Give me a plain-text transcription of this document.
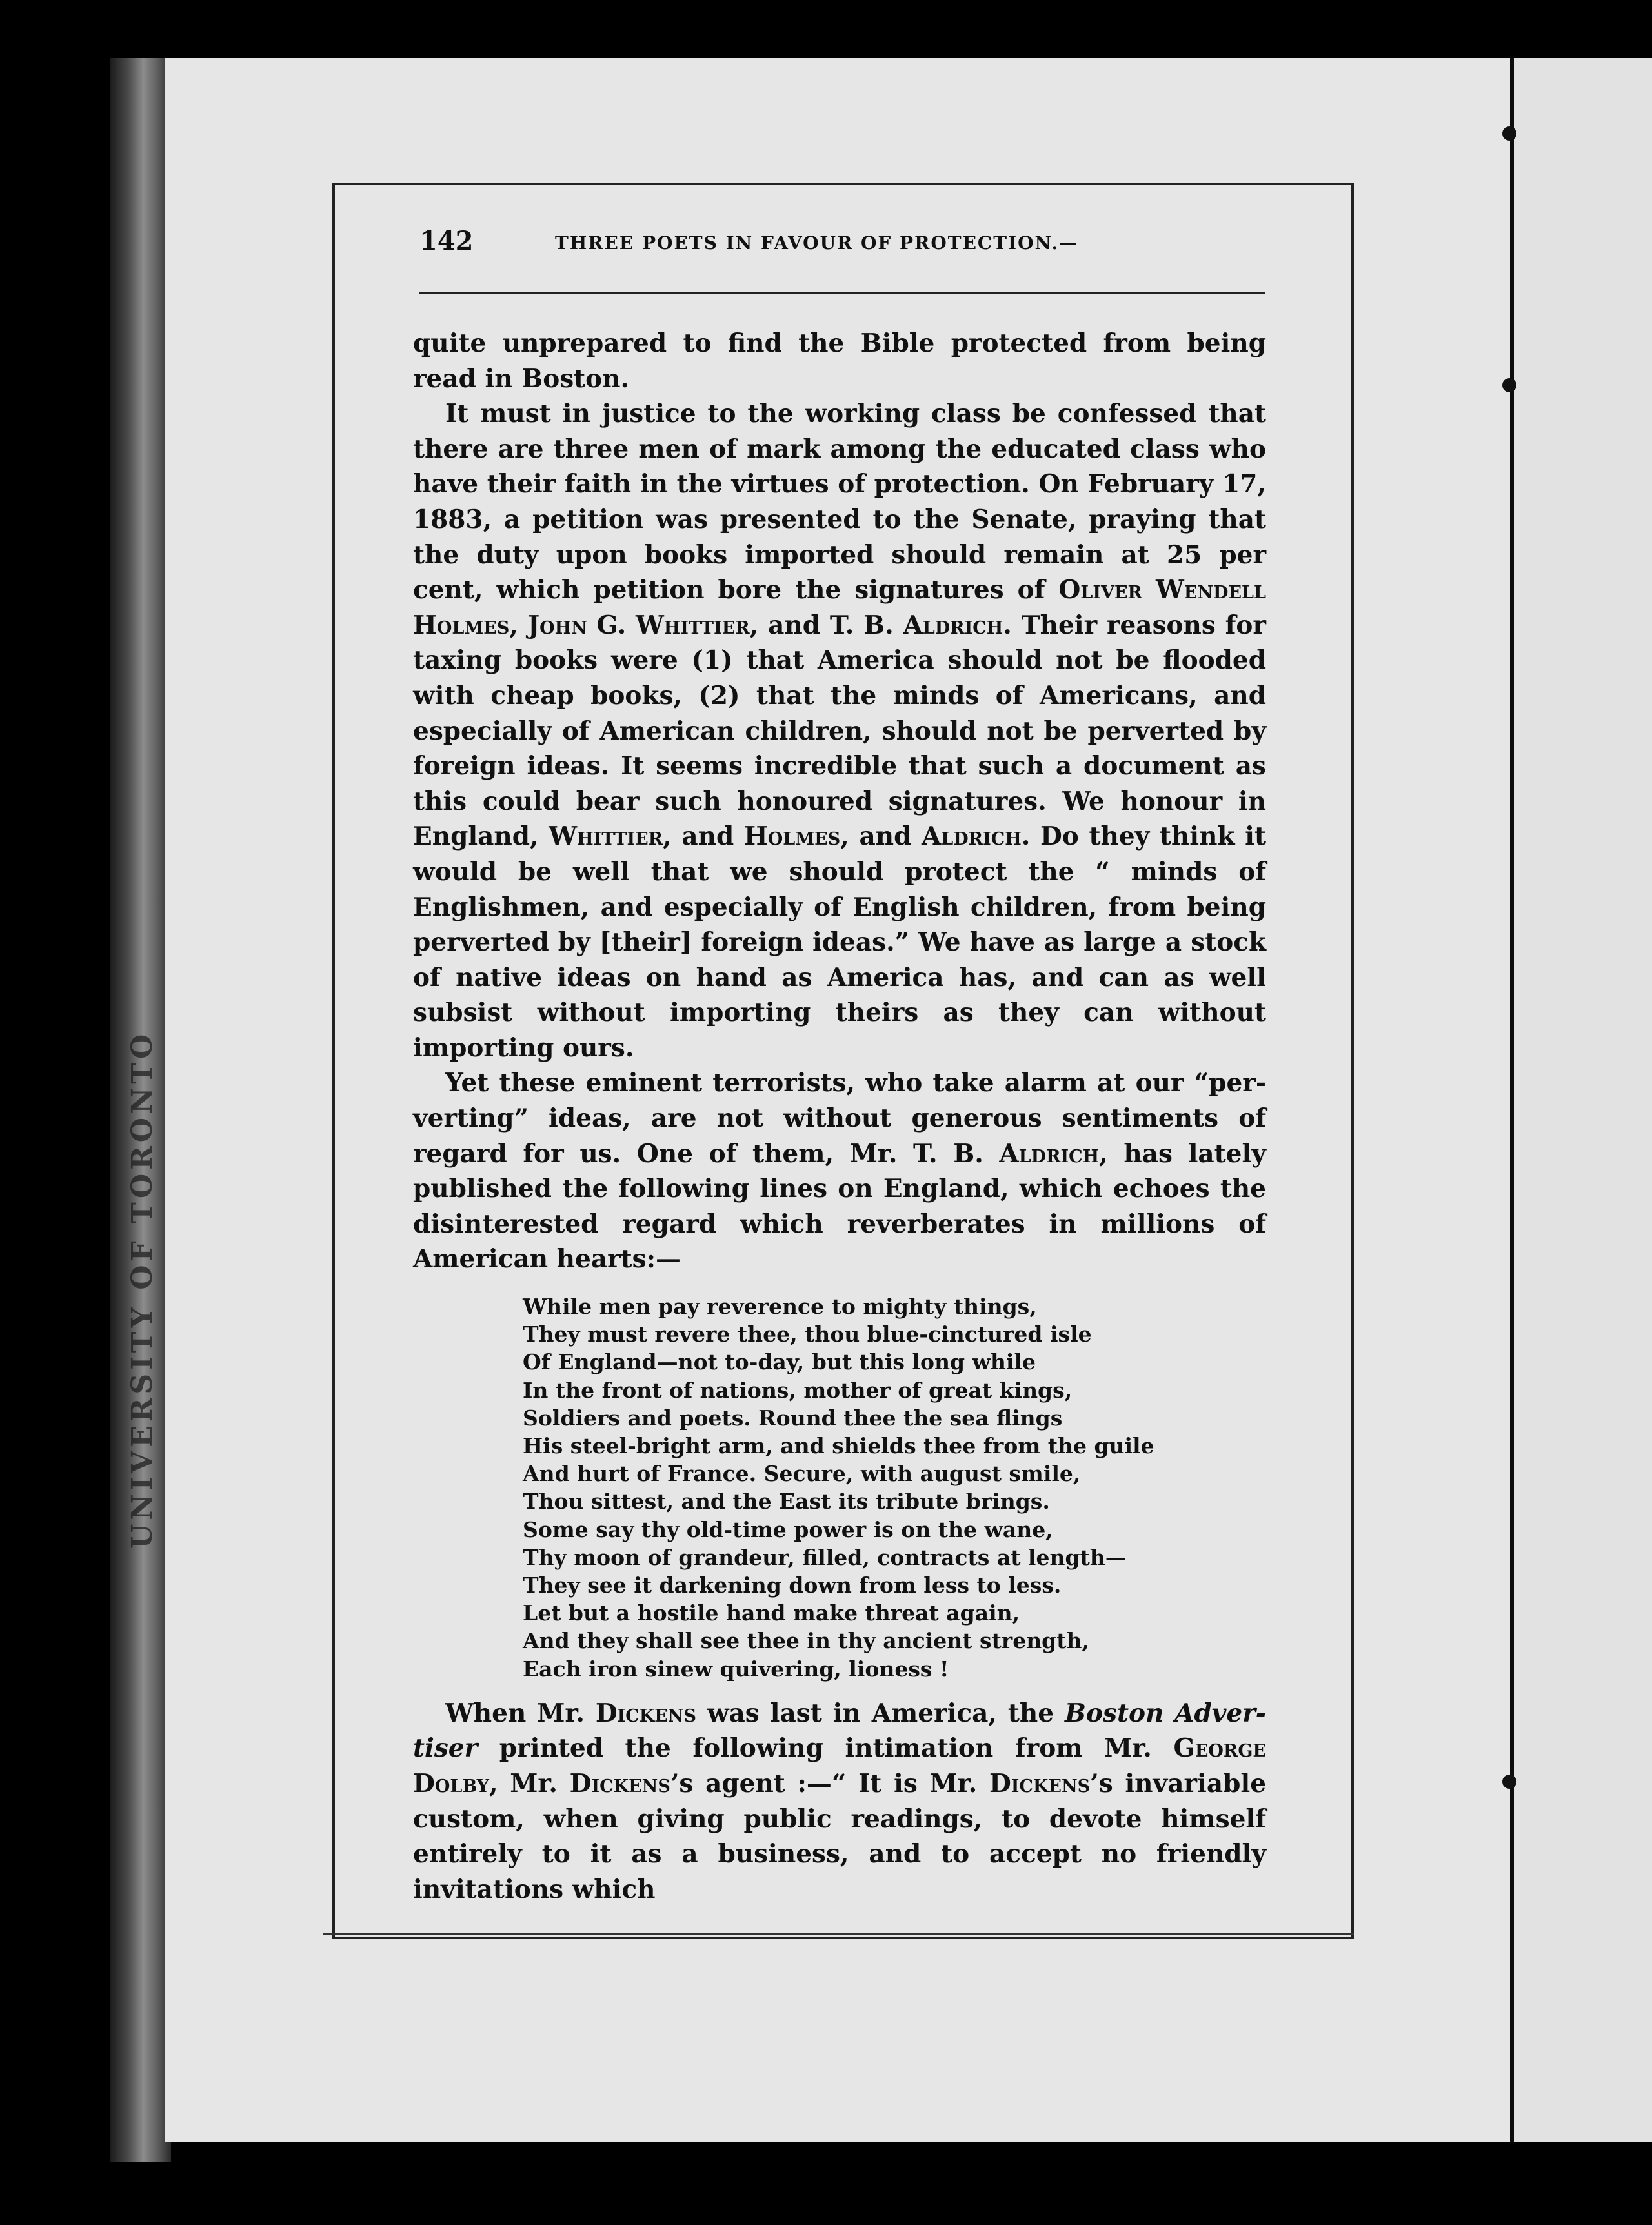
UNIVERSITY OF TORONTO
142	THREE POETS IN FAVOUR OF PROTECTION.—

quite unprepared to find the Bible protected from being read in Boston.

It must in justice to the working class be confessed that there are three men of mark among the educated class who have their faith in the virtues of protection. On February 17, 1883, a petition was presented to the Senate, praying that the duty upon books imported should remain at 25 per cent, which petition bore the signatures of Oliver Wendell Holmes, John G. Whittier, and T. B. Aldrich. Their reasons for taxing books were (1) that America should not be flooded with cheap books, (2) that the minds of Americans, and especially of American children, should not be perverted by foreign ideas. It seems incredible that such a document as this could bear such honoured signatures. We honour in England, Whittier, and Holmes, and Aldrich. Do they think it would be well that we should protect the “ minds of Englishmen, and especially of English children, from being perverted by [their] foreign ideas.” We have as large a stock of native ideas on hand as America has, and can as well subsist without importing theirs as they can without importing ours.

Yet these eminent terrorists, who take alarm at our “per-verting” ideas, are not without generous sentiments of regard for us. One of them, Mr. T. B. Aldrich, has lately published the following lines on England, which echoes the disinterested regard which reverberates in millions of American hearts:—

While men pay reverence to mighty things,
They must revere thee, thou blue-cinctured isle
Of England—not to-day, but this long while
In the front of nations, mother of great kings,
Soldiers and poets. Round thee the sea flings
His steel-bright arm, and shields thee from the guile
And hurt of France. Secure, with august smile,
Thou sittest, and the East its tribute brings.
Some say thy old-time power is on the wane,
Thy moon of grandeur, filled, contracts at length—
They see it darkening down from less to less.
Let but a hostile hand make threat again,
And they shall see thee in thy ancient strength,
Each iron sinew quivering, lioness !

When Mr. Dickens was last in America, the Boston Adver-tiser printed the following intimation from Mr. George Dolby, Mr. Dickens’s agent :—“ It is Mr. Dickens’s invariable custom, when giving public readings, to devote himself entirely to it as a business, and to accept no friendly invitations which
